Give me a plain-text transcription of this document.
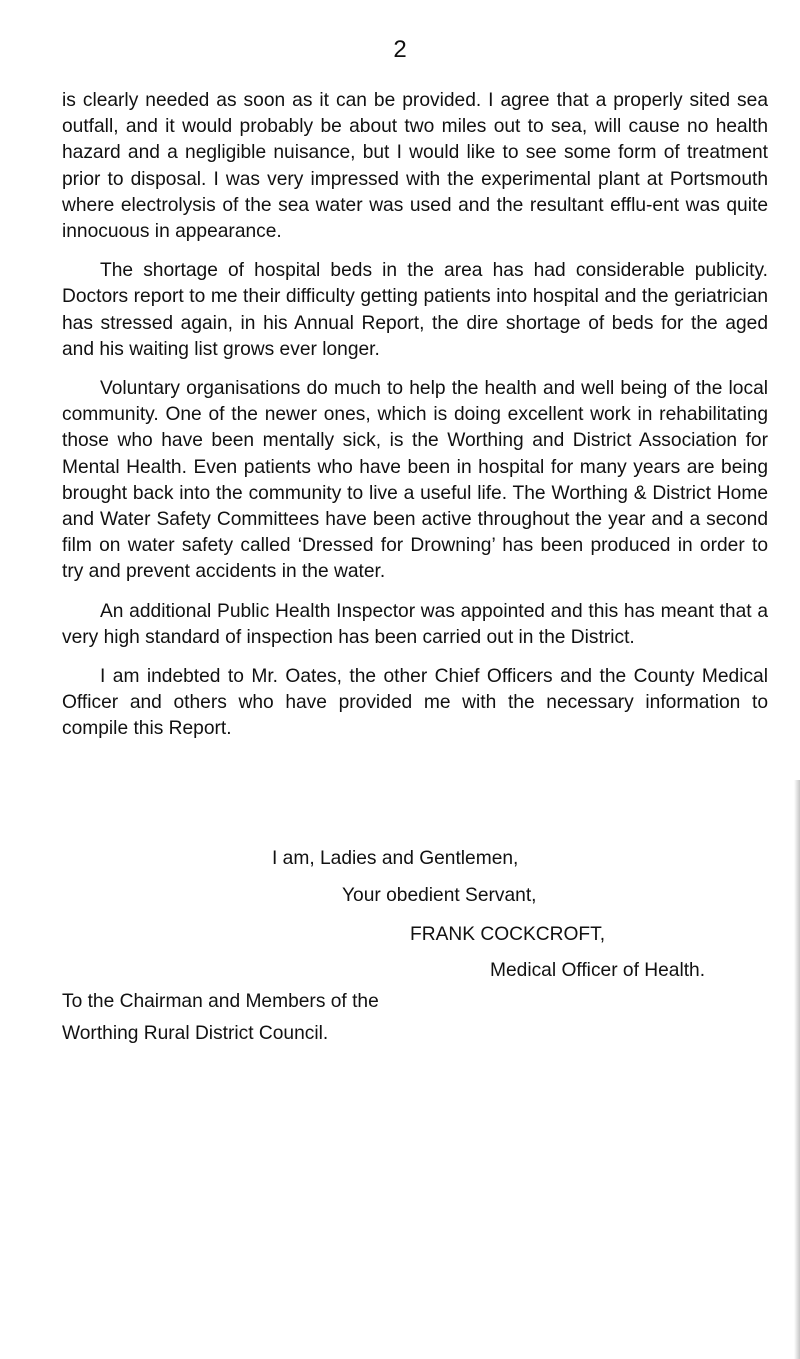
2

is clearly needed as soon as it can be provided. I agree that a properly sited sea outfall, and it would probably be about two miles out to sea, will cause no health hazard and a negligible nuisance, but I would like to see some form of treatment prior to disposal. I was very impressed with the experimental plant at Portsmouth where electrolysis of the sea water was used and the resultant efflu-ent was quite innocuous in appearance.

The shortage of hospital beds in the area has had considerable publicity. Doctors report to me their difficulty getting patients into hospital and the geriatrician has stressed again, in his Annual Report, the dire shortage of beds for the aged and his waiting list grows ever longer.

Voluntary organisations do much to help the health and well being of the local community. One of the newer ones, which is doing excellent work in rehabilitating those who have been mentally sick, is the Worthing and District Association for Mental Health. Even patients who have been in hospital for many years are being brought back into the community to live a useful life. The Worthing & District Home and Water Safety Committees have been active throughout the year and a second film on water safety called ‘Dressed for Drowning’ has been produced in order to try and prevent accidents in the water.

An additional Public Health Inspector was appointed and this has meant that a very high standard of inspection has been carried out in the District.

I am indebted to Mr. Oates, the other Chief Officers and the County Medical Officer and others who have provided me with the necessary information to compile this Report.

I am, Ladies and Gentlemen,
Your obedient Servant,
FRANK COCKCROFT,
Medical Officer of Health.
To the Chairman and Members of the
Worthing Rural District Council.
